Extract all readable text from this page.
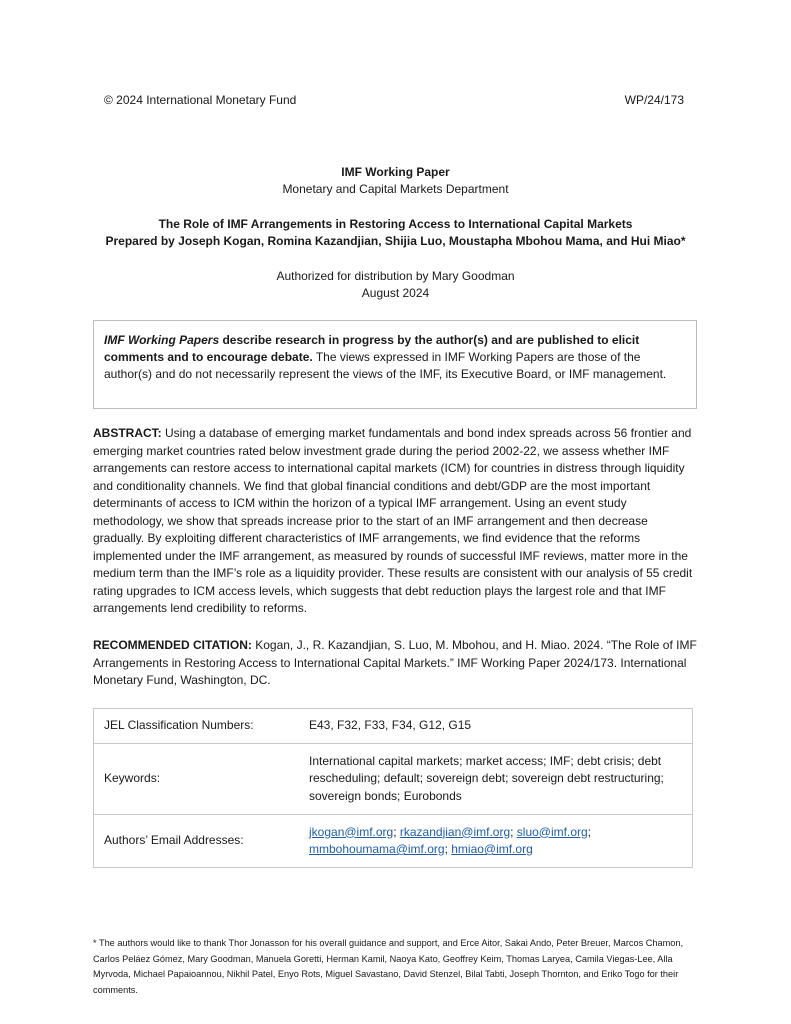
© 2024 International Monetary Fund	WP/24/173
IMF Working Paper
Monetary and Capital Markets Department
The Role of IMF Arrangements in Restoring Access to International Capital Markets
Prepared by Joseph Kogan, Romina Kazandjian, Shijia Luo, Moustapha Mbohou Mama, and Hui Miao*
Authorized for distribution by Mary Goodman
August 2024
IMF Working Papers describe research in progress by the author(s) and are published to elicit comments and to encourage debate. The views expressed in IMF Working Papers are those of the author(s) and do not necessarily represent the views of the IMF, its Executive Board, or IMF management.
ABSTRACT: Using a database of emerging market fundamentals and bond index spreads across 56 frontier and emerging market countries rated below investment grade during the period 2002-22, we assess whether IMF arrangements can restore access to international capital markets (ICM) for countries in distress through liquidity and conditionality channels. We find that global financial conditions and debt/GDP are the most important determinants of access to ICM within the horizon of a typical IMF arrangement. Using an event study methodology, we show that spreads increase prior to the start of an IMF arrangement and then decrease gradually. By exploiting different characteristics of IMF arrangements, we find evidence that the reforms implemented under the IMF arrangement, as measured by rounds of successful IMF reviews, matter more in the medium term than the IMF’s role as a liquidity provider. These results are consistent with our analysis of 55 credit rating upgrades to ICM access levels, which suggests that debt reduction plays the largest role and that IMF arrangements lend credibility to reforms.
RECOMMENDED CITATION: Kogan, J., R. Kazandjian, S. Luo, M. Mbohou, and H. Miao. 2024. “The Role of IMF Arrangements in Restoring Access to International Capital Markets.” IMF Working Paper 2024/173. International Monetary Fund, Washington, DC.
JEL Classification Numbers:	E43, F32, F33, F34, G12, G15
Keywords:	International capital markets; market access; IMF; debt crisis; debt rescheduling; default; sovereign debt; sovereign debt restructuring; sovereign bonds; Eurobonds
Authors’ Email Addresses:	jkogan@imf.org; rkazandjian@imf.org; sluo@imf.org;
mmbohoumama@imf.org; hmiao@imf.org
* The authors would like to thank Thor Jonasson for his overall guidance and support, and Erce Aitor, Sakai Ando, Peter Breuer, Marcos Chamon, Carlos Peláez Gómez, Mary Goodman, Manuela Goretti, Herman Kamil, Naoya Kato, Geoffrey Keim, Thomas Laryea, Camila Viegas-Lee, Alla Myrvoda, Michael Papaioannou, Nikhil Patel, Enyo Rots, Miguel Savastano, David Stenzel, Bilal Tabti, Joseph Thornton, and Eriko Togo for their comments.
